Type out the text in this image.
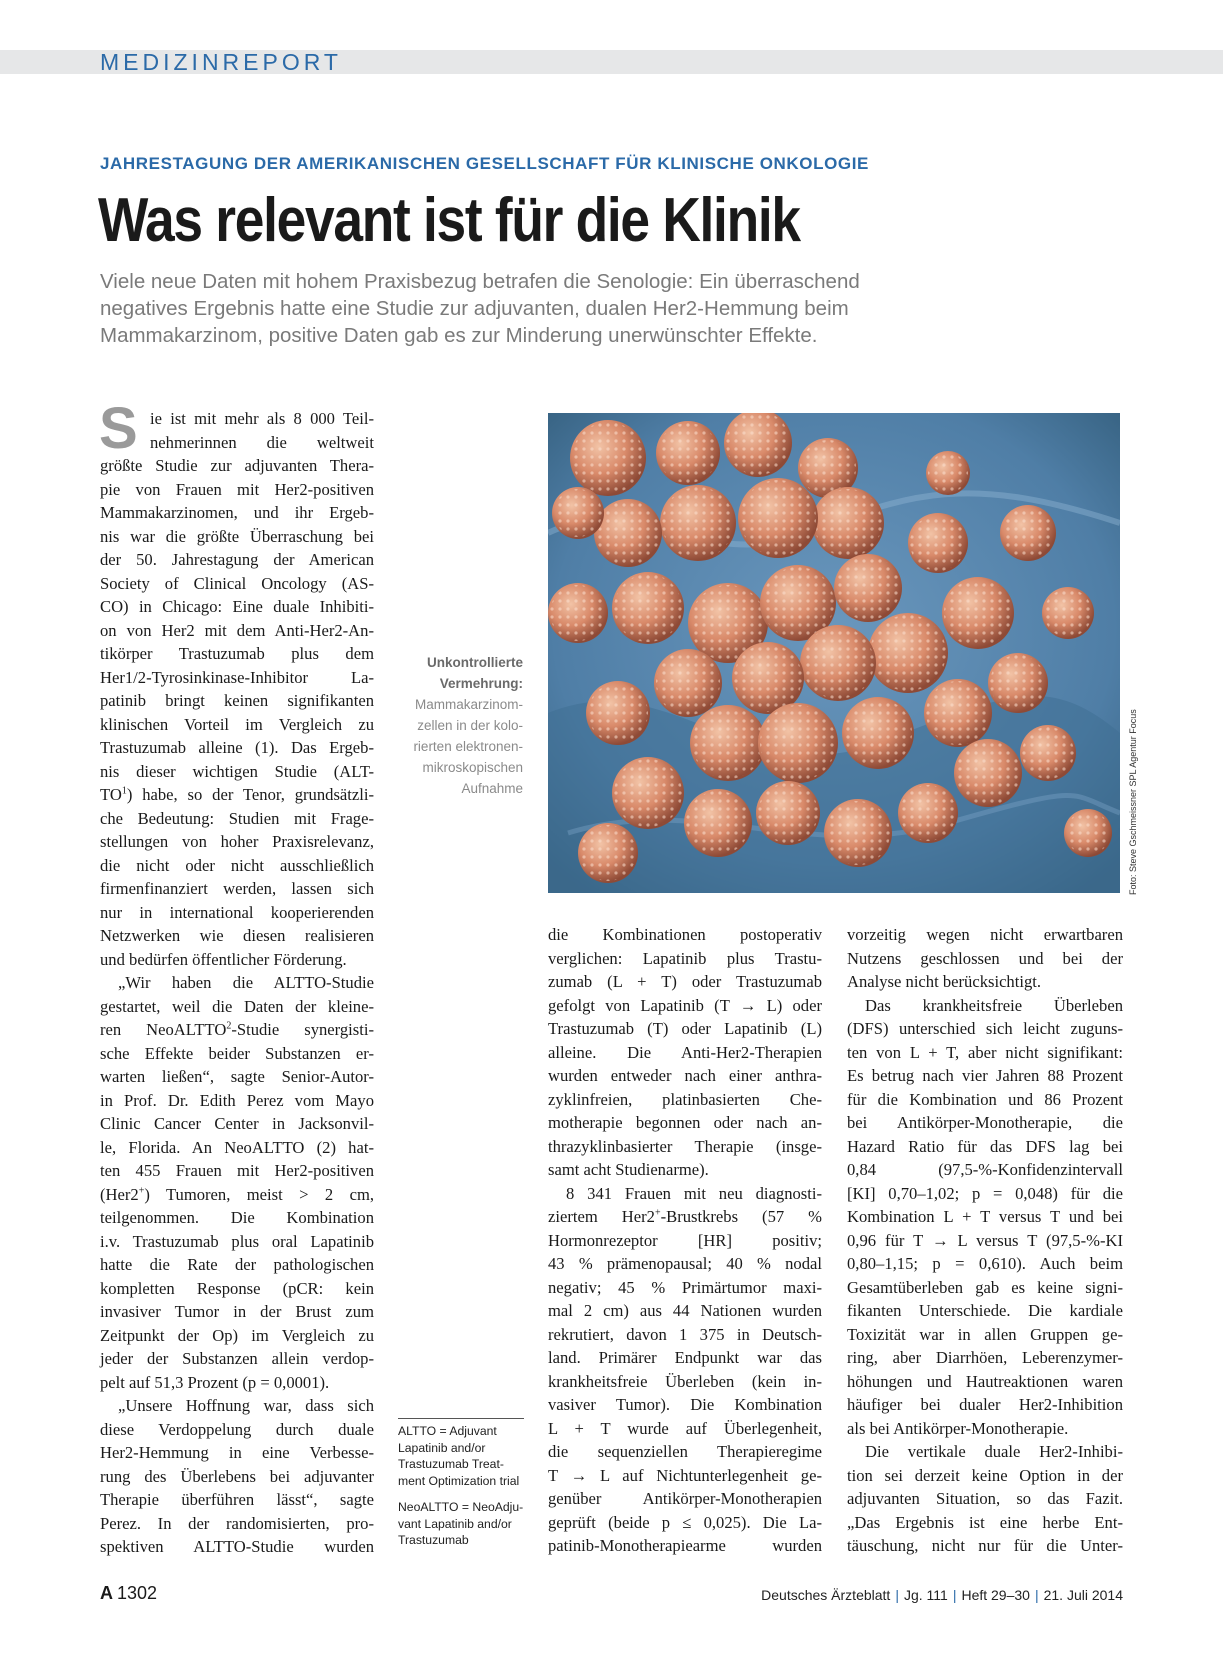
MEDIZINREPORT
JAHRESTAGUNG DER AMERIKANISCHEN GESELLSCHAFT FÜR KLINISCHE ONKOLOGIE
Was relevant ist für die Klinik
Viele neue Daten mit hohem Praxisbezug betrafen die Senologie: Ein überraschend
negatives Ergebnis hatte eine Studie zur adjuvanten, dualen Her2-Hemmung beim
Mammakarzinom, positive Daten gab es zur Minderung unerwünschter Effekte.
S ie ist mit mehr als 8 000 Teil-
nehmerinnen die weltweit
größte Studie zur adjuvanten Thera-
pie von Frauen mit Her2-positiven
Mammakarzinomen, und ihr Ergeb-
nis war die größte Überraschung bei
der 50. Jahrestagung der American
Society of Clinical Oncology (AS-
CO) in Chicago: Eine duale Inhibiti-
on von Her2 mit dem Anti-Her2-An-
tikörper Trastuzumab plus dem
Her1/2-Tyrosinkinase-Inhibitor La-
patinib bringt keinen signifikanten
klinischen Vorteil im Vergleich zu
Trastuzumab alleine (1). Das Ergeb-
nis dieser wichtigen Studie (ALT-
$TO^1$) habe, so der Tenor, grundsätzli-
che Bedeutung: Studien mit Frage-
stellungen von hoher Praxisrelevanz,
die nicht oder nicht ausschließlich
firmenfinanziert werden, lassen sich
nur in international kooperierenden
Netzwerken wie diesen realisieren
und bedürfen öffentlicher Förderung.
„Wir haben die ALTTO-Studie
gestartet, weil die Daten der kleine-
ren NeoALTTO$^2$-Studie synergisti-
sche Effekte beider Substanzen er-
warten ließen“, sagte Senior-Autor-
in Prof. Dr. Edith Perez vom Mayo
Clinic Cancer Center in Jacksonvil-
le, Florida. An NeoALTTO (2) hat-
ten 455 Frauen mit Her2-positiven
(Her2+) Tumoren, meist > 2 cm,
teilgenommen. Die Kombination
i.v. Trastuzumab plus oral Lapatinib
hatte die Rate der pathologischen
kompletten Response (pCR: kein
invasiver Tumor in der Brust zum
Zeitpunkt der Op) im Vergleich zu
jeder der Substanzen allein verdop-
pelt auf 51,3 Prozent (p = 0,0001).
„Unsere Hoffnung war, dass sich
diese Verdoppelung durch duale
Her2-Hemmung in eine Verbesse-
rung des Überlebens bei adjuvanter
Therapie überführen lässt“, sagte
Perez. In der randomisierten, pro-
spektiven ALTTO-Studie wurden
Unkontrollierte
Vermehrung:
Mammakarzinom-
zellen in der kolo-
rierten elektronen-
mikroskopischen
Aufnahme	Foto: Steve Gschmeissner SPL Agentur Focus
die Kombinationen postoperativ
verglichen: Lapatinib plus Trastu-
zumab (L + T) oder Trastuzumab
gefolgt von Lapatinib (T → L) oder
Trastuzumab (T) oder Lapatinib (L)
alleine. Die Anti-Her2-Therapien
wurden entweder nach einer anthra-
zyklinfreien, platinbasierten Che-
motherapie begonnen oder nach an-
thrazyklinbasierter Therapie (insge-
samt acht Studienarme).
8 341 Frauen mit neu diagnosti-
ziertem Her2+-Brustkrebs (57 %
Hormonrezeptor [HR] positiv;
43 % prämenopausal; 40 % nodal
negativ; 45 % Primärtumor maxi-
mal 2 cm) aus 44 Nationen wurden
rekrutiert, davon 1 375 in Deutsch-
land. Primärer Endpunkt war das
krankheitsfreie Überleben (kein in-
vasiver Tumor). Die Kombination
L + T wurde auf Überlegenheit,
die sequenziellen Therapieregime
T → L auf Nichtunterlegenheit ge-
genüber Antikörper-Monotherapien
geprüft (beide p ≤ 0,025). Die La-
patinib-Monotherapiearme wurden
vorzeitig wegen nicht erwartbaren
Nutzens geschlossen und bei der
Analyse nicht berücksichtigt.
Das krankheitsfreie Überleben
(DFS) unterschied sich leicht zuguns-
ten von L + T, aber nicht signifikant:
Es betrug nach vier Jahren 88 Prozent
für die Kombination und 86 Prozent
bei Antikörper-Monotherapie, die
Hazard Ratio für das DFS lag bei
0,84 (97,5-%-Konfidenzintervall
[KI] 0,70–1,02; p = 0,048) für die
Kombination L + T versus T und bei
0,96 für T → L versus T (97,5-%-KI
0,80–1,15; p = 0,610). Auch beim
Gesamtüberleben gab es keine signi-
fikanten Unterschiede. Die kardiale
Toxizität war in allen Gruppen ge-
ring, aber Diarrhöen, Leberenzymer-
höhungen und Hautreaktionen waren
häufiger bei dualer Her2-Inhibition
als bei Antikörper-Monotherapie.
Die vertikale duale Her2-Inhibi-
tion sei derzeit keine Option in der
adjuvanten Situation, so das Fazit.
„Das Ergebnis ist eine herbe Ent-
täuschung, nicht nur für die Unter-

ALTTO = Adjuvant
Lapatinib and/or
Trastuzumab Treat-
ment Optimization trial

NeoALTTO = NeoAdju-
vant Lapatinib and/or
Trastuzumab

A 1302	Deutsches Ärzteblatt | Jg. 111 | Heft 29–30 | 21. Juli 2014
